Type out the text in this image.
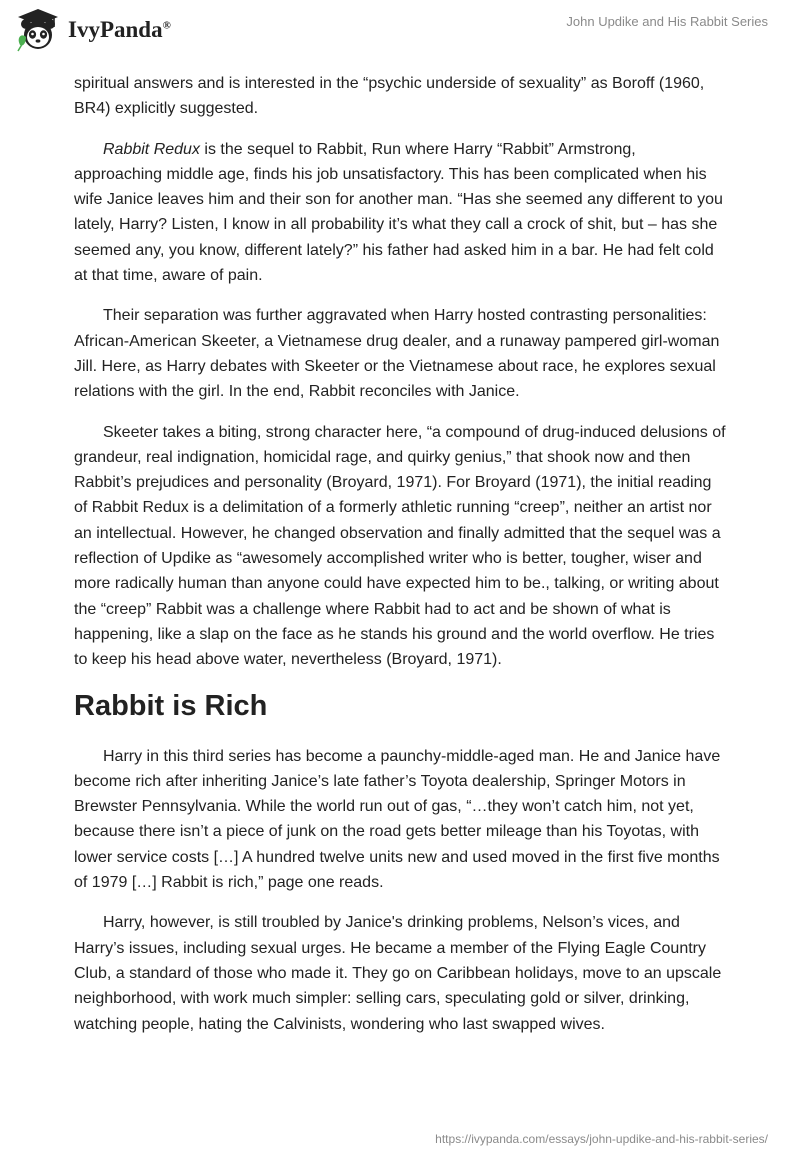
IvyPanda®	John Updike and His Rabbit Series

spiritual answers and is interested in the “psychic underside of sexuality” as Boroff (1960, BR4) explicitly suggested.

Rabbit Redux is the sequel to Rabbit, Run where Harry “Rabbit” Armstrong, approaching middle age, finds his job unsatisfactory. This has been complicated when his wife Janice leaves him and their son for another man. “Has she seemed any different to you lately, Harry? Listen, I know in all probability it’s what they call a crock of shit, but – has she seemed any, you know, different lately?” his father had asked him in a bar. He had felt cold at that time, aware of pain.

Their separation was further aggravated when Harry hosted contrasting personalities: African-American Skeeter, a Vietnamese drug dealer, and a runaway pampered girl-woman Jill. Here, as Harry debates with Skeeter or the Vietnamese about race, he explores sexual relations with the girl. In the end, Rabbit reconciles with Janice.

Skeeter takes a biting, strong character here, “a compound of drug-induced delusions of grandeur, real indignation, homicidal rage, and quirky genius,” that shook now and then Rabbit’s prejudices and personality (Broyard, 1971). For Broyard (1971), the initial reading of Rabbit Redux is a delimitation of a formerly athletic running “creep”, neither an artist nor an intellectual. However, he changed observation and finally admitted that the sequel was a reflection of Updike as “awesomely accomplished writer who is better, tougher, wiser and more radically human than anyone could have expected him to be., talking, or writing about the “creep” Rabbit was a challenge where Rabbit had to act and be shown of what is happening, like a slap on the face as he stands his ground and the world overflow. He tries to keep his head above water, nevertheless (Broyard, 1971).

Rabbit is Rich

Harry in this third series has become a paunchy-middle-aged man. He and Janice have become rich after inheriting Janice’s late father’s Toyota dealership, Springer Motors in Brewster Pennsylvania. While the world run out of gas, “…they won’t catch him, not yet, because there isn’t a piece of junk on the road gets better mileage than his Toyotas, with lower service costs […] A hundred twelve units new and used moved in the first five months of 1979 […] Rabbit is rich,” page one reads.

Harry, however, is still troubled by Janice's drinking problems, Nelson’s vices, and Harry’s issues, including sexual urges. He became a member of the Flying Eagle Country Club, a standard of those who made it. They go on Caribbean holidays, move to an upscale neighborhood, with work much simpler: selling cars, speculating gold or silver, drinking, watching people, hating the Calvinists, wondering who last swapped wives.

https://ivypanda.com/essays/john-updike-and-his-rabbit-series/
